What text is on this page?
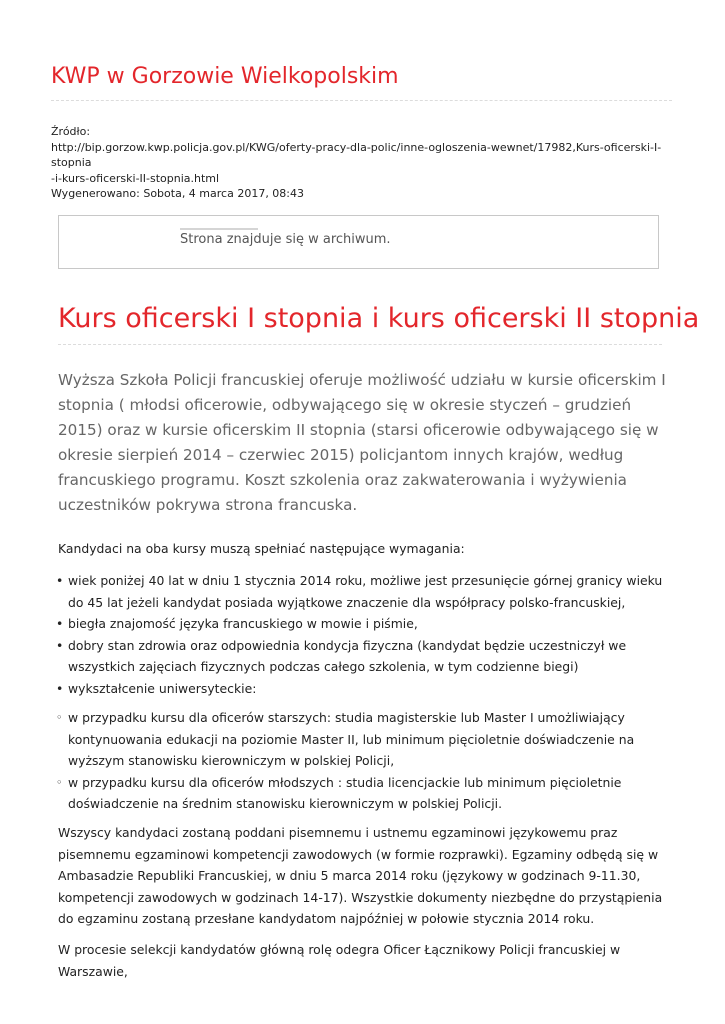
KWP w Gorzowie Wielkopolskim
Źródło:
http://bip.gorzow.kwp.policja.gov.pl/KWG/oferty-pracy-dla-polic/inne-ogloszenia-wewnet/17982,Kurs-oficerski-I-stopnia
-i-kurs-oficerski-II-stopnia.html
Wygenerowano: Sobota, 4 marca 2017, 08:43
Strona znajduje się w archiwum.
Kurs oficerski I stopnia i kurs oficerski II stopnia
Wyższa Szkoła Policji francuskiej oferuje możliwość udziału w kursie oficerskim I stopnia ( młodsi oficerowie, odbywającego się w okresie styczeń – grudzień 2015) oraz w kursie oficerskim II stopnia (starsi oficerowie odbywającego się w okresie sierpień 2014 – czerwiec 2015) policjantom innych krajów, według francuskiego programu. Koszt szkolenia oraz zakwaterowania i wyżywienia uczestników pokrywa strona francuska.
Kandydaci na oba kursy muszą spełniać następujące wymagania:
• wiek poniżej 40 lat w dniu 1 stycznia 2014 roku, możliwe jest przesunięcie górnej granicy wieku do 45 lat jeżeli kandydat posiada wyjątkowe znaczenie dla współpracy polsko-francuskiej,
• biegła znajomość języka francuskiego w mowie i piśmie,
• dobry stan zdrowia oraz odpowiednia kondycja fizyczna (kandydat będzie uczestniczył we wszystkich zajęciach fizycznych podczas całego szkolenia, w tym codzienne biegi)
• wykształcenie uniwersyteckie:
◦ w przypadku kursu dla oficerów starszych: studia magisterskie lub Master I umożliwiający kontynuowania edukacji na poziomie Master II, lub minimum pięcioletnie doświadczenie na wyższym stanowisku kierowniczym w polskiej Policji,
◦ w przypadku kursu dla oficerów młodszych : studia licencjackie lub minimum pięcioletnie doświadczenie na średnim stanowisku kierowniczym w polskiej Policji.
Wszyscy kandydaci zostaną poddani pisemnemu i ustnemu egzaminowi językowemu praz pisemnemu egzaminowi kompetencji zawodowych (w formie rozprawki). Egzaminy odbędą się w Ambasadzie Republiki Francuskiej, w dniu 5 marca 2014 roku (językowy w godzinach 9-11.30, kompetencji zawodowych w godzinach 14-17). Wszystkie dokumenty niezbędne do przystąpienia do egzaminu zostaną przesłane kandydatom najpóźniej w połowie stycznia 2014 roku.
W procesie selekcji kandydatów główną rolę odegra Oficer Łącznikowy Policji francuskiej w Warszawie,
